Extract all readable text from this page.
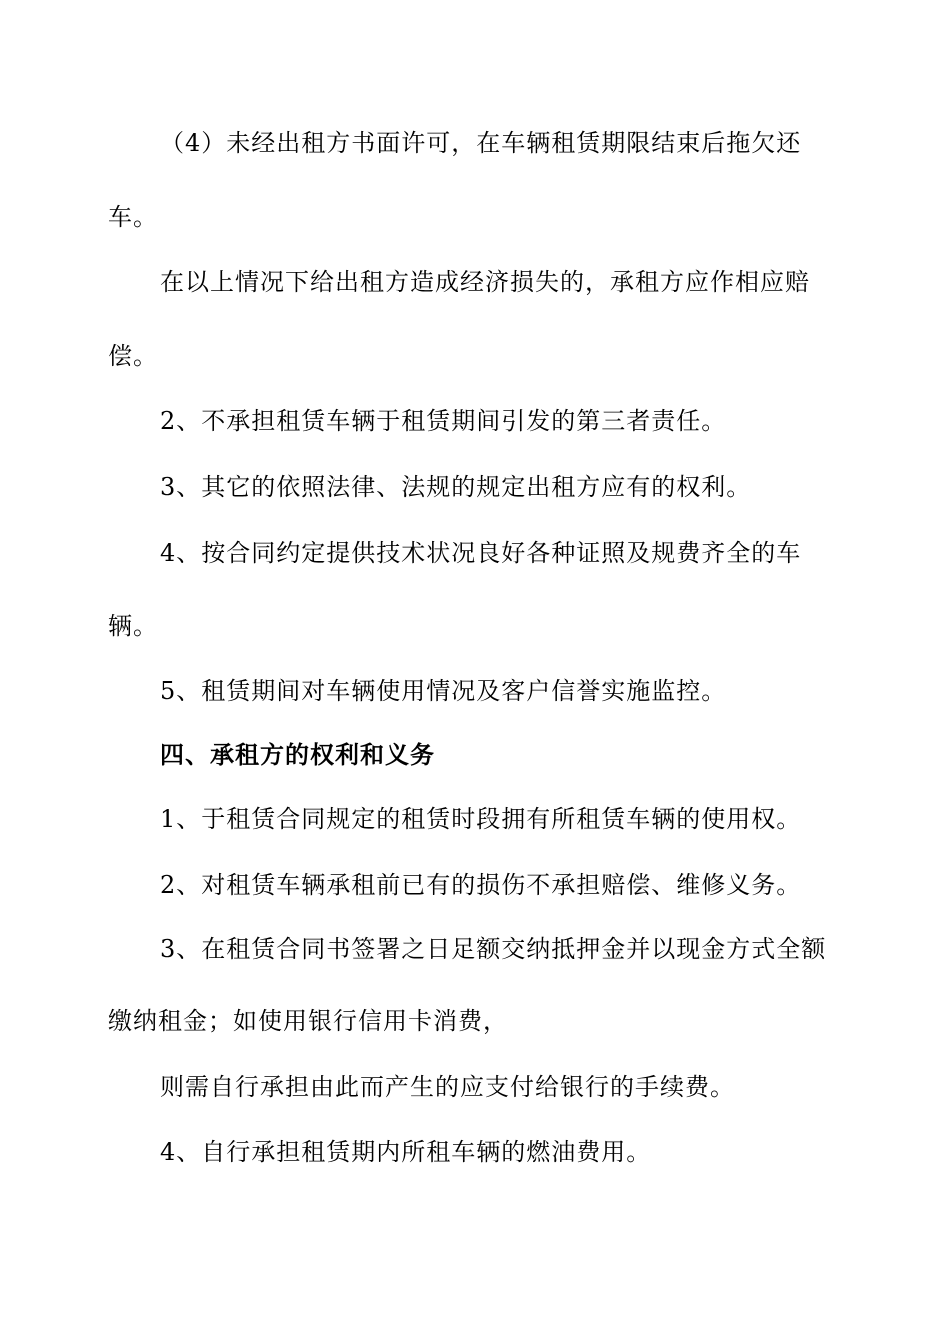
（4）未经出租方书面许可，在车辆租赁期限结束后拖欠还
车。
在以上情况下给出租方造成经济损失的，承租方应作相应赔
偿。
2、不承担租赁车辆于租赁期间引发的第三者责任。
3、其它的依照法律、法规的规定出租方应有的权利。
4、按合同约定提供技术状况良好各种证照及规费齐全的车
辆。
5、租赁期间对车辆使用情况及客户信誉实施监控。
四、承租方的权利和义务
1、于租赁合同规定的租赁时段拥有所租赁车辆的使用权。
2、对租赁车辆承租前已有的损伤不承担赔偿、维修义务。
3、在租赁合同书签署之日足额交纳抵押金并以现金方式全额
缴纳租金；如使用银行信用卡消费，
则需自行承担由此而产生的应支付给银行的手续费。
4、自行承担租赁期内所租车辆的燃油费用。
